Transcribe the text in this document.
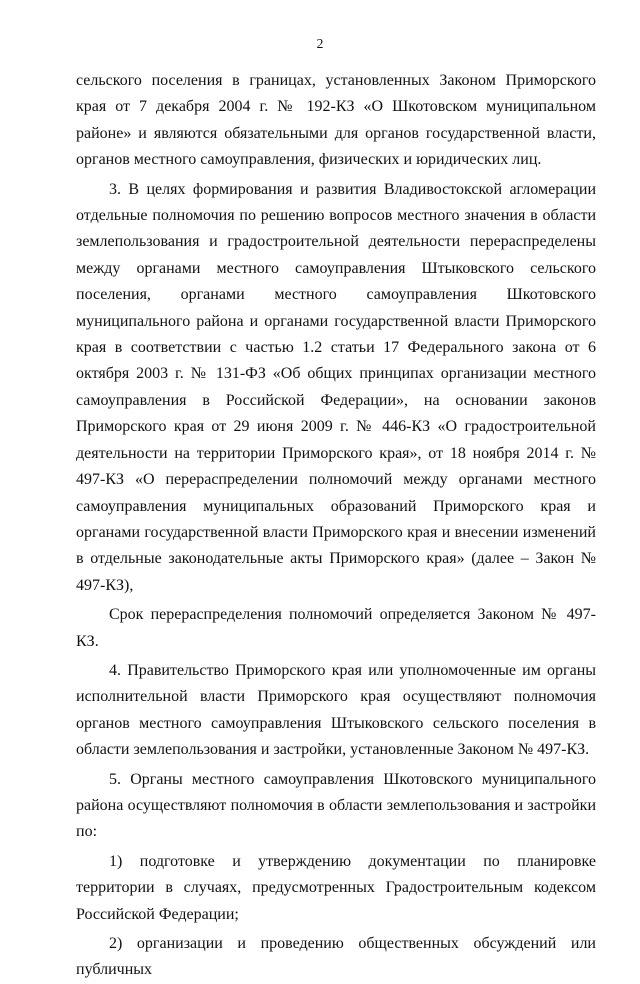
2

сельского поселения в границах, установленных Законом Приморского края от 7 декабря 2004 г. № 192-КЗ «О Шкотовском муниципальном районе» и являются обязательными для органов государственной власти, органов местного самоуправления, физических и юридических лиц.

3. В целях формирования и развития Владивостокской агломерации отдельные полномочия по решению вопросов местного значения в области землепользования и градостроительной деятельности перераспределены между органами местного самоуправления Штыковского сельского поселения, органами местного самоуправления Шкотовского муниципального района и органами государственной власти Приморского края в соответствии с частью 1.2 статьи 17 Федерального закона от 6 октября 2003 г. № 131-ФЗ «Об общих принципах организации местного самоуправления в Российской Федерации», на основании законов Приморского края от 29 июня 2009 г. № 446-КЗ «О градостроительной деятельности на территории Приморского края», от 18 ноября 2014 г. № 497-КЗ «О перераспределении полномочий между органами местного самоуправления муниципальных образований Приморского края и органами государственной власти Приморского края и внесении изменений в отдельные законодательные акты Приморского края» (далее – Закон № 497-КЗ),

Срок перераспределения полномочий определяется Законом № 497-КЗ.

4. Правительство Приморского края или уполномоченные им органы исполнительной власти Приморского края осуществляют полномочия органов местного самоуправления Штыковского сельского поселения в области землепользования и застройки, установленные Законом № 497-КЗ.

5. Органы местного самоуправления Шкотовского муниципального района осуществляют полномочия в области землепользования и застройки по:

1) подготовке и утверждению документации по планировке территории в случаях, предусмотренных Градостроительным кодексом Российской Федерации;

2) организации и проведению общественных обсуждений или публичных
